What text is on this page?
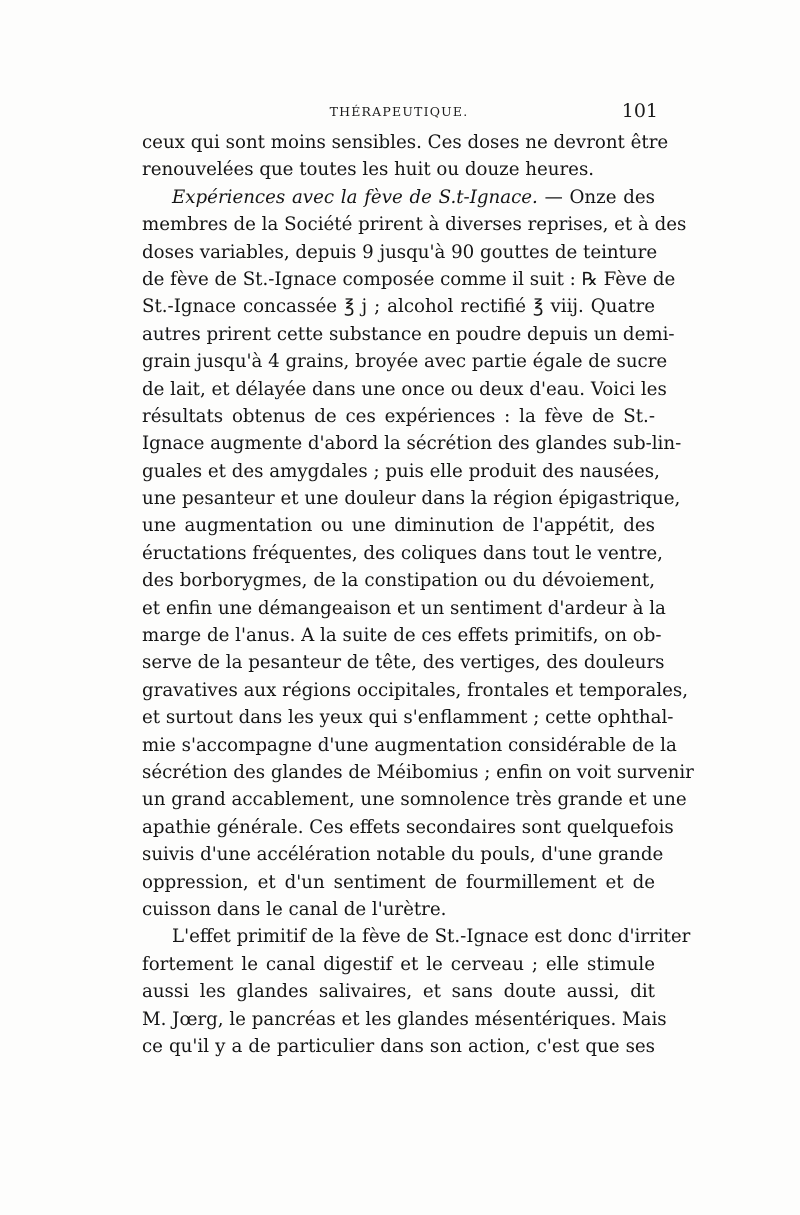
THÉRAPEUTIQUE.	101
ceux qui sont moins sensibles. Ces doses ne devront être
renouvelées que toutes les huit ou douze heures.
Expériences avec la fève de S.t-Ignace. — Onze des
membres de la Société prirent à diverses reprises, et à des
doses variables, depuis 9 jusqu'à 90 gouttes de teinture
de fève de St.-Ignace composée comme il suit : ℞ Fève de
St.-Ignace concassée ℥ j ; alcohol rectifié ℥ viij. Quatre
autres prirent cette substance en poudre depuis un demi-
grain jusqu'à 4 grains, broyée avec partie égale de sucre
de lait, et délayée dans une once ou deux d'eau. Voici les
résultats obtenus de ces expériences : la fève de St.-
Ignace augmente d'abord la sécrétion des glandes sub-lin-
guales et des amygdales ; puis elle produit des nausées,
une pesanteur et une douleur dans la région épigastrique,
une augmentation ou une diminution de l'appétit, des
éructations fréquentes, des coliques dans tout le ventre,
des borborygmes, de la constipation ou du dévoiement,
et enfin une démangeaison et un sentiment d'ardeur à la
marge de l'anus. A la suite de ces effets primitifs, on ob-
serve de la pesanteur de tête, des vertiges, des douleurs
gravatives aux régions occipitales, frontales et temporales,
et surtout dans les yeux qui s'enflamment ; cette ophthal-
mie s'accompagne d'une augmentation considérable de la
sécrétion des glandes de Méibomius ; enfin on voit survenir
un grand accablement, une somnolence très grande et une
apathie générale. Ces effets secondaires sont quelquefois
suivis d'une accélération notable du pouls, d'une grande
oppression, et d'un sentiment de fourmillement et de
cuisson dans le canal de l'urètre.
L'effet primitif de la fève de St.-Ignace est donc d'irriter
fortement le canal digestif et le cerveau ; elle stimule
aussi les glandes salivaires, et sans doute aussi, dit
M. Jœrg, le pancréas et les glandes mésentériques. Mais
ce qu'il y a de particulier dans son action, c'est que ses
